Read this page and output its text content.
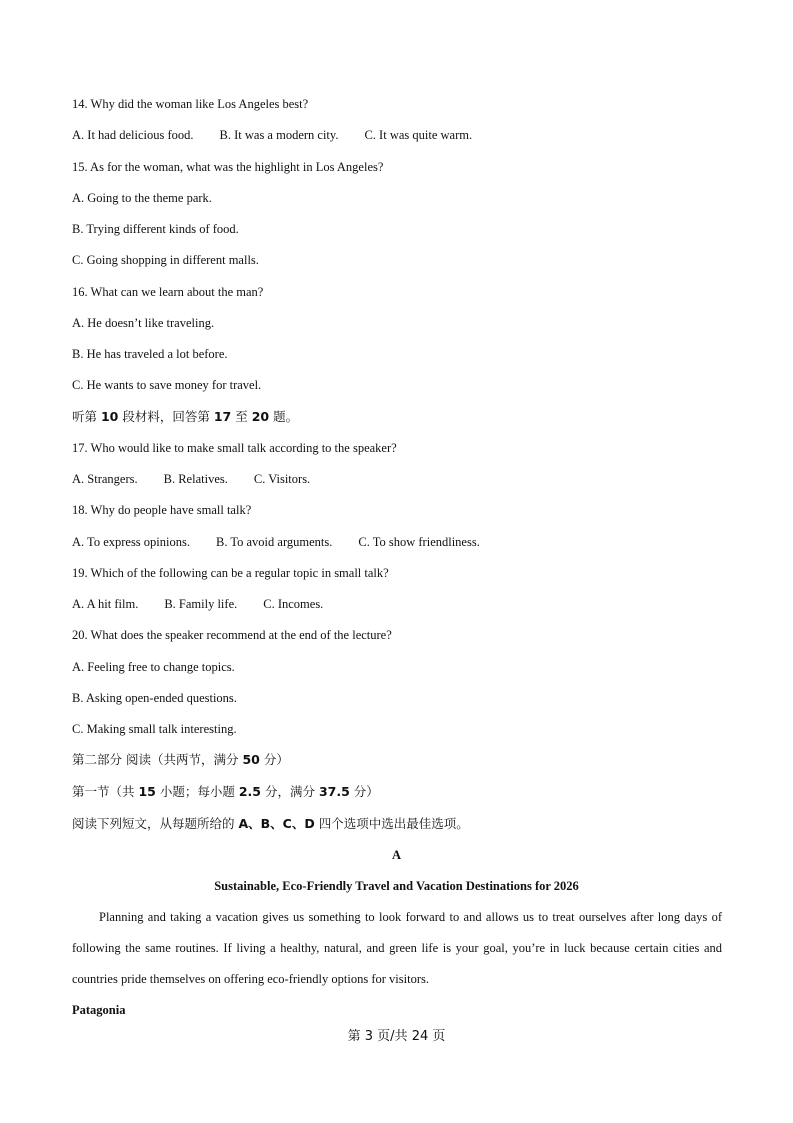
14. Why did the woman like Los Angeles best?
A. It had delicious food. B. It was a modern city. C. It was quite warm.
15. As for the woman, what was the highlight in Los Angeles?
A. Going to the theme park.
B. Trying different kinds of food.
C. Going shopping in different malls.
16. What can we learn about the man?
A. He doesn’t like traveling.
B. He has traveled a lot before.
C. He wants to save money for travel.
听第 10 段材料，回答第 17 至 20 题。
17. Who would like to make small talk according to the speaker?
A. Strangers. B. Relatives. C. Visitors.
18. Why do people have small talk?
A. To express opinions. B. To avoid arguments. C. To show friendliness.
19. Which of the following can be a regular topic in small talk?
A. A hit film. B. Family life. C. Incomes.
20. What does the speaker recommend at the end of the lecture?
A. Feeling free to change topics.
B. Asking open-ended questions.
C. Making small talk interesting.
第二部分 阅读（共两节，满分 50 分）
第一节（共 15 小题；每小题 2.5 分，满分 37.5 分）
阅读下列短文，从每题所给的 A、B、C、D 四个选项中选出最佳选项。
A
Sustainable, Eco-Friendly Travel and Vacation Destinations for 2026
Planning and taking a vacation gives us something to look forward to and allows us to treat ourselves after long days of following the same routines. If living a healthy, natural, and green life is your goal, you’re in luck because certain cities and countries pride themselves on offering eco-friendly options for visitors.
Patagonia
第 3 页/共 24 页
